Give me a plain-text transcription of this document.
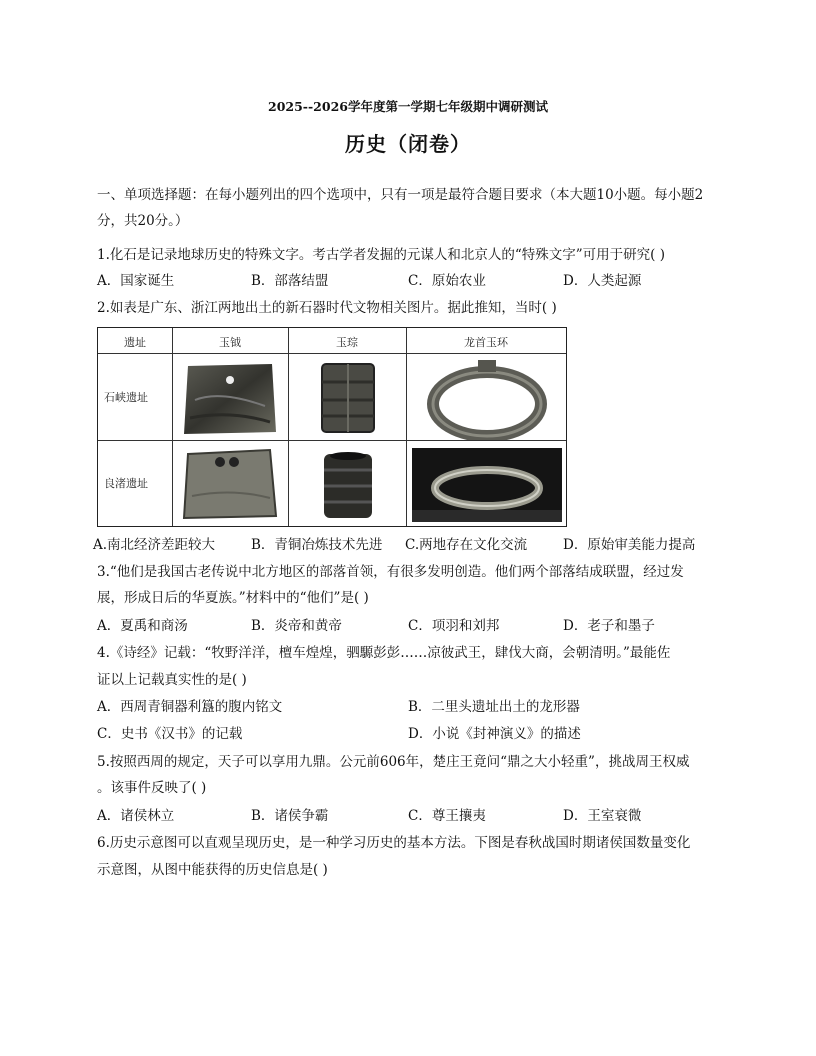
2025--2026学年度第一学期七年级期中调研测试
历史（闭卷）
一、单项选择题：在每小题列出的四个选项中，只有一项是最符合题目要求（本大题10小题。每小题2
分，共20分。）
1.化石是记录地球历史的特殊文字。考古学者发掘的元谋人和北京人的“特殊文字”可用于研究( )
A．国家诞生	B．部落结盟	C．原始农业	D．人类起源
2.如表是广东、浙江两地出土的新石器时代文物相关图片。据此推知，当时( )
遗址	玉钺	玉琮	龙首玉环
石峡遗址
良渚遗址
A.南北经济差距较大	B．青铜冶炼技术先进 C.两地存在文化交流	D．原始审美能力提高
3.“他们是我国古老传说中北方地区的部落首领，有很多发明创造。他们两个部落结成联盟，经过发
展，形成日后的华夏族。”材料中的“他们”是( )
A．夏禹和商汤	B．炎帝和黄帝	C．项羽和刘邦	D．老子和墨子
4.《诗经》记载：“牧野洋洋，檀车煌煌，驷騵彭彭……凉彼武王，肆伐大商，会朝清明。”最能佐
证以上记载真实性的是( )
A．西周青铜器利簋的腹内铭文	B．二里头遗址出土的龙形器
C．史书《汉书》的记载	D．小说《封神演义》的描述
5.按照西周的规定，天子可以享用九鼎。公元前606年，楚庄王竟问“鼎之大小轻重”，挑战周王权威
。该事件反映了( )
A．诸侯林立	B．诸侯争霸	C．尊王攘夷	D．王室衰微
6.历史示意图可以直观呈现历史，是一种学习历史的基本方法。下图是春秋战国时期诸侯国数量变化
示意图，从图中能获得的历史信息是( )
